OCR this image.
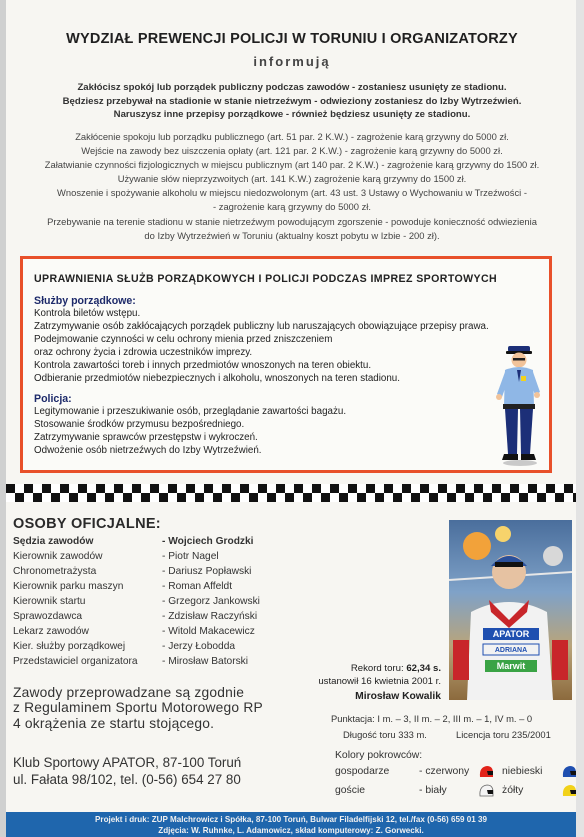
WYDZIAŁ PREWENCJI POLICJI W TORUNIU I ORGANIZATORZY
informują
Zakłócisz spokój lub porządek publiczny podczas zawodów - zostaniesz usunięty ze stadionu.
Będziesz przebywał na stadionie w stanie nietrzeźwym - odwieziony zostaniesz do Izby Wytrzeźwień.
Naruszysz inne przepisy porządkowe - również będziesz usunięty ze stadionu.
Zakłócenie spokoju lub porządku publicznego (art. 51 par. 2 K.W.) - zagrożenie karą grzywny do 5000 zł.
Wejście na zawody bez uiszczenia opłaty (art. 121 par. 2 K.W.) - zagrożenie karą grzywny do 5000 zł.
Załatwianie czynności fizjologicznych w miejscu publicznym (art 140 par. 2 K.W.) - zagrożenie karą grzywny do 1500 zł.
Używanie słów nieprzyzwoitych (art. 141 K.W.) zagrożenie karą grzywny do 1500 zł.
Wnoszenie i spożywanie alkoholu w miejscu niedozwolonym (art. 43 ust. 3 Ustawy o Wychowaniu w Trzeźwości -
- zagrożenie karą grzywny do 5000 zł.
Przebywanie na terenie stadionu w stanie nietrzeźwym powodującym zgorszenie - powoduje konieczność odwiezienia
do Izby Wytrzeźwień w Toruniu (aktualny koszt pobytu w Izbie - 200 zł).
UPRAWNIENIA SŁUŻB PORZĄDKOWYCH I POLICJI PODCZAS IMPREZ SPORTOWYCH
Służby porządkowe:
Kontrola biletów wstępu.
Zatrzymywanie osób zakłócających porządek publiczny lub naruszających obowiązujące przepisy prawa.
Podejmowanie czynności w celu ochrony mienia przed zniszczeniem
oraz ochrony życia i zdrowia uczestników imprezy.
Kontrola zawartości toreb i innych przedmiotów wnoszonych na teren obiektu.
Odbieranie przedmiotów niebezpiecznych i alkoholu, wnoszonych na teren stadionu.
Policja:
Legitymowanie i przeszukiwanie osób, przeglądanie zawartości bagażu.
Stosowanie środków przymusu bezpośredniego.
Zatrzymywanie sprawców przestępstw i wykroczeń.
Odwożenie osób nietrzeźwych do Izby Wytrzeźwień.
OSOBY OFICJALNE:
Sędzia zawodów	- Wojciech Grodzki
Kierownik zawodów	- Piotr Nagel
Chronometrażysta	- Dariusz Popławski
Kierownik parku maszyn	- Roman Affeldt
Kierownik startu	- Grzegorz Jankowski
Sprawozdawca	- Zdzisław Raczyński
Lekarz zawodów	- Witold Makacewicz
Kier. służby porządkowej	- Jerzy Łobodda
Przedstawiciel organizatora - Mirosław Batorski
Zawody przeprowadzane są zgodnie
z Regulaminem Sportu Motorowego RP
4 okrążenia ze startu stojącego.
Klub Sportowy APATOR, 87-100 Toruń
ul. Fałata 98/102, tel. (0-56) 654 27 80
APATOR
ADRIANA
Marwit
Rekord toru: 62,34 s.
ustanowił 16 kwietnia 2001 r.
Mirosław Kowalik
Punktacja: I m. – 3, II m. – 2, III m. – 1, IV m. – 0
Długość toru 333 m.	Licencja toru 235/2001
Kolory pokrowców:
gospodarze	- czerwony	niebieski
goście	- biały	żółty
Projekt i druk: ZUP Malchrowicz i Spółka, 87-100 Toruń, Bulwar Filadelfijski 12, tel./fax (0-56) 659 01 39
Zdjęcia: W. Ruhnke, L. Adamowicz, skład komputerowy: Z. Gorwecki.
